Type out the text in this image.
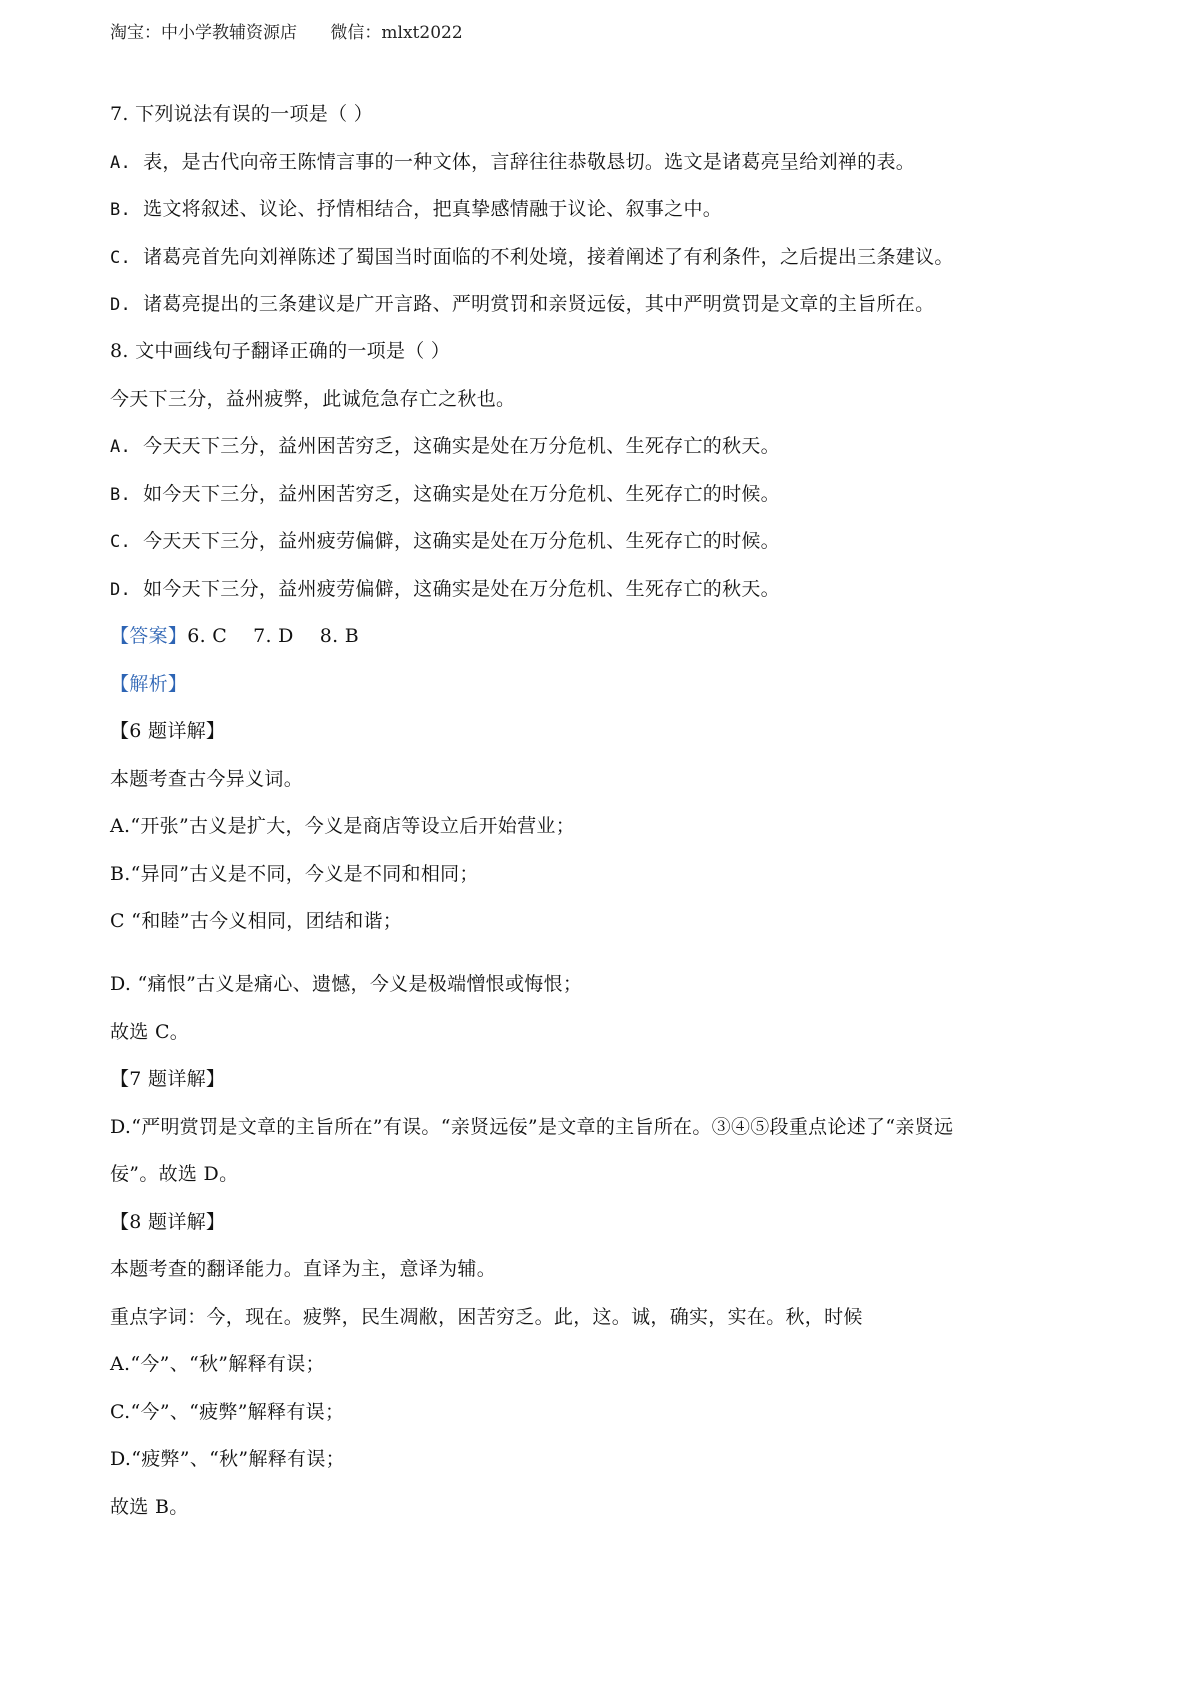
淘宝：中小学教辅资源店 微信：mlxt2022
7. 下列说法有误的一项是（ ）
A. 表，是古代向帝王陈情言事的一种文体，言辞往往恭敬恳切。选文是诸葛亮呈给刘禅的表。
B. 选文将叙述、议论、抒情相结合，把真挚感情融于议论、叙事之中。
C. 诸葛亮首先向刘禅陈述了蜀国当时面临的不利处境，接着阐述了有利条件，之后提出三条建议。
D. 诸葛亮提出的三条建议是广开言路、严明赏罚和亲贤远佞，其中严明赏罚是文章的主旨所在。
8. 文中画线句子翻译正确的一项是（ ）
今天下三分，益州疲弊，此诚危急存亡之秋也。
A. 今天天下三分，益州困苦穷乏，这确实是处在万分危机、生死存亡的秋天。
B. 如今天下三分，益州困苦穷乏，这确实是处在万分危机、生死存亡的时候。
C. 今天天下三分，益州疲劳偏僻，这确实是处在万分危机、生死存亡的时候。
D. 如今天下三分，益州疲劳偏僻，这确实是处在万分危机、生死存亡的秋天。
【答案】6. C 7. D 8. B
【解析】
【6 题详解】
本题考查古今异义词。
A.“开张”古义是扩大，今义是商店等设立后开始营业；
B.“异同”古义是不同，今义是不同和相同；
C “和睦”古今义相同，团结和谐；
D. “痛恨”古义是痛心、遗憾，今义是极端憎恨或悔恨；
故选 C。
【7 题详解】
D.“严明赏罚是文章的主旨所在”有误。“亲贤远佞”是文章的主旨所在。③④⑤段重点论述了“亲贤远
佞”。故选 D。
【8 题详解】
本题考查的翻译能力。直译为主，意译为辅。
重点字词：今，现在。疲弊，民生凋敝，困苦穷乏。此，这。诚，确实，实在。秋，时候
A.“今”、“秋”解释有误；
C.“今”、“疲弊”解释有误；
D.“疲弊”、“秋”解释有误；
故选 B。
